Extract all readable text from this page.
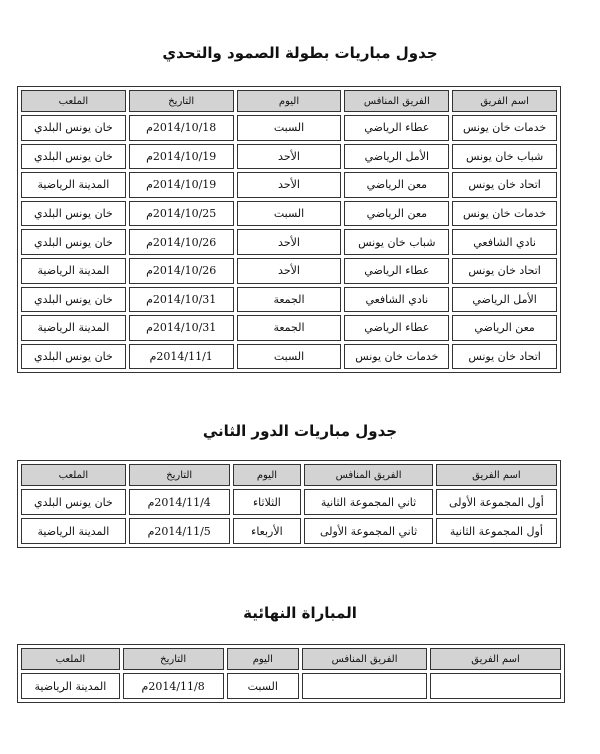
جدول مباريات بطولة الصمود والتحدي
اسم الفريق	الفريق المنافس	اليوم	التاريخ	الملعب
خدمات خان يونس	عطاء الرياضي	السبت	2014/10/18م	خان يونس البلدي
شباب خان يونس	الأمل الرياضي	الأحد	2014/10/19م	خان يونس البلدي
اتحاد خان يونس	معن الرياضي	الأحد	2014/10/19م	المدينة الرياضية
خدمات خان يونس	معن الرياضي	السبت	2014/10/25م	خان يونس البلدي
نادي الشافعي	شباب خان يونس	الأحد	2014/10/26م	خان يونس البلدي
اتحاد خان يونس	عطاء الرياضي	الأحد	2014/10/26م	المدينة الرياضية
الأمل الرياضي	نادي الشافعي	الجمعة	2014/10/31م	خان يونس البلدي
معن الرياضي	عطاء الرياضي	الجمعة	2014/10/31م	المدينة الرياضية
اتحاد خان يونس	خدمات خان يونس	السبت	2014/11/1م	خان يونس البلدي
جدول مباريات الدور الثاني
اسم الفريق	الفريق المنافس	اليوم	التاريخ	الملعب
أول المجموعة الأولى	ثاني المجموعة الثانية	الثلاثاء	2014/11/4م	خان يونس البلدي
أول المجموعة الثانية	ثاني المجموعة الأولى	الأربعاء	2014/11/5م	المدينة الرياضية
المباراة النهائية
اسم الفريق	الفريق المنافس	اليوم	التاريخ	الملعب
		السبت	2014/11/8م	المدينة الرياضية
